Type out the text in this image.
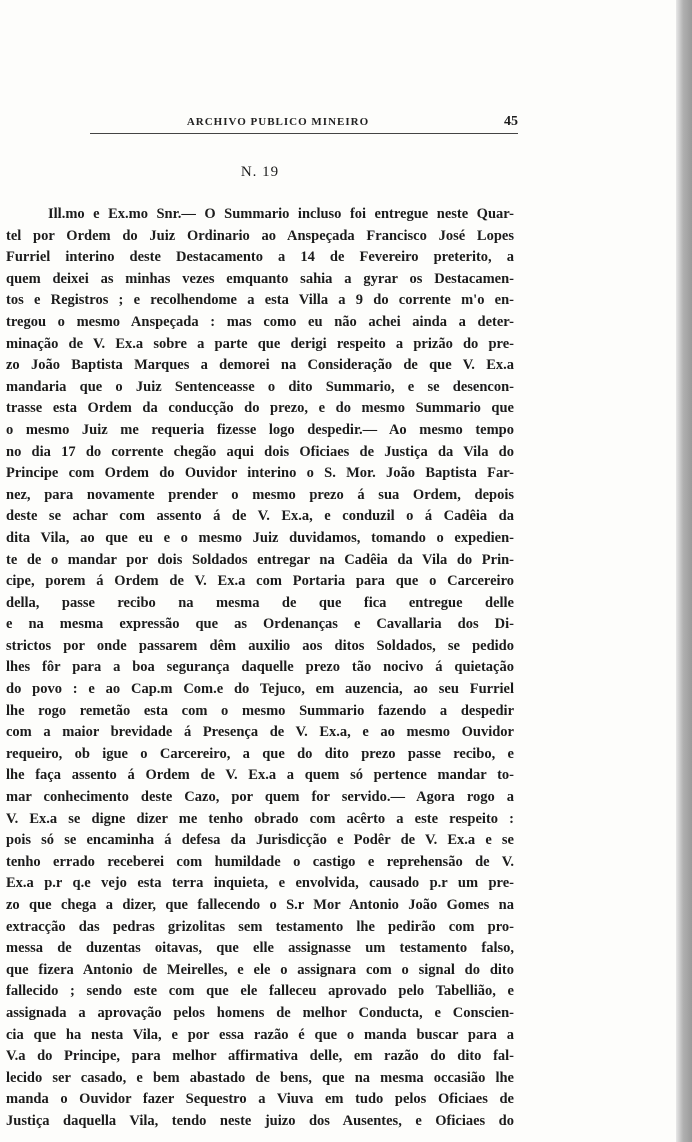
ARCHIVO PUBLICO MINEIRO	45
N. 19
Ill.mo e Ex.mo Snr.— O Summario incluso foi entregue neste Quar-
tel por Ordem do Juiz Ordinario ao Anspeçada Francisco José Lopes
Furriel interino deste Destacamento a 14 de Fevereiro preterito, a
quem deixei as minhas vezes emquanto sahia a gyrar os Destacamen-
tos e Registros ; e recolhendome a esta Villa a 9 do corrente m'o en-
tregou o mesmo Anspeçada : mas como eu não achei ainda a deter-
minação de V. Ex.a sobre a parte que derigi respeito a prizão do pre-
zo João Baptista Marques a demorei na Consideração de que V. Ex.a
mandaria que o Juiz Sentenceasse o dito Summario, e se desencon-
trasse esta Ordem da conducção do prezo, e do mesmo Summario que
o mesmo Juiz me requeria fizesse logo despedir.— Ao mesmo tempo
no dia 17 do corrente chegão aqui dois Oficiaes de Justiça da Vila do
Principe com Ordem do Ouvidor interino o S. Mor. João Baptista Far-
nez, para novamente prender o mesmo prezo á sua Ordem, depois
deste se achar com assento á de V. Ex.a, e conduzil o á Cadêia da
dita Vila, ao que eu e o mesmo Juiz duvidamos, tomando o expedien-
te de o mandar por dois Soldados entregar na Cadêia da Vila do Prin-
cipe, porem á Ordem de V. Ex.a com Portaria para que o Carcereiro
della, passe recibo na mesma de que fica entregue delle
e na mesma expressão que as Ordenanças e Cavallaria dos Di-
strictos por onde passarem dêm auxilio aos ditos Soldados, se pedido
lhes fôr para a boa segurança daquelle prezo tão nocivo á quietação
do povo : e ao Cap.m Com.e do Tejuco, em auzencia, ao seu Furriel
lhe rogo remetão esta com o mesmo Summario fazendo a despedir
com a maior brevidade á Presença de V. Ex.a, e ao mesmo Ouvidor
requeiro, ob igue o Carcereiro, a que do dito prezo passe recibo, e
lhe faça assento á Ordem de V. Ex.a a quem só pertence mandar to-
mar conhecimento deste Cazo, por quem for servido.— Agora rogo a
V. Ex.a se digne dizer me tenho obrado com acêrto a este respeito :
pois só se encaminha á defesa da Jurisdicção e Podêr de V. Ex.a e se
tenho errado receberei com humildade o castigo e reprehensão de V.
Ex.a p.r q.e vejo esta terra inquieta, e envolvida, causado p.r um pre-
zo que chega a dizer, que fallecendo o S.r Mor Antonio João Gomes na
extracção das pedras grizolitas sem testamento lhe pedirão com pro-
messa de duzentas oitavas, que elle assignasse um testamento falso,
que fizera Antonio de Meirelles, e ele o assignara com o signal do dito
fallecido ; sendo este com que ele falleceu aprovado pelo Tabellião, e
assignada a aprovação pelos homens de melhor Conducta, e Conscien-
cia que ha nesta Vila, e por essa razão é que o manda buscar para a
V.a do Principe, para melhor affirmativa delle, em razão do dito fal-
lecido ser casado, e bem abastado de bens, que na mesma occasião lhe
manda o Ouvidor fazer Sequestro a Viuva em tudo pelos Oficiaes de
Justiça daquella Vila, tendo neste juizo dos Ausentes, e Oficiaes do
